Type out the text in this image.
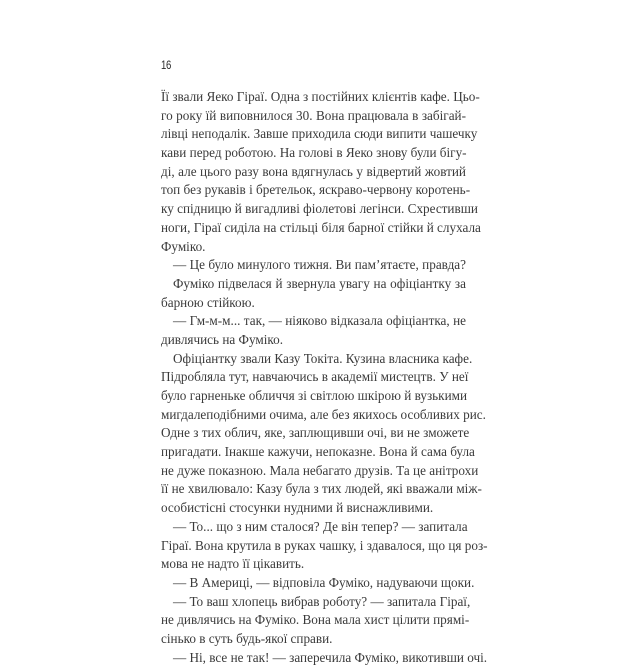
16
Її звали Яеко Гіраї. Одна з постійних клієнтів кафе. Цьо-
го року їй виповнилося 30. Вона працювала в забігай-
лівці неподалік. Завше приходила сюди випити чашечку
кави перед роботою. На голові в Яеко знову були бігу-
ді, але цього разу вона вдягнулась у відвертий жовтий
топ без рукавів і бретельок, яскраво-червону коротень-
ку спідницю й вигадливі фіолетові легінси. Схрестивши
ноги, Гіраї сиділа на стільці біля барної стійки й слухала
Фуміко.
— Це було минулого тижня. Ви пам’ятаєте, правда?
Фуміко підвелася й звернула увагу на офіціантку за
барною стійкою.
— Гм-м-м... так, — ніяково відказала офіціантка, не
дивлячись на Фуміко.
Офіціантку звали Казу Токіта. Кузина власника кафе.
Підробляла тут, навчаючись в академії мистецтв. У неї
було гарненьке обличчя зі світлою шкірою й вузькими
мигдалеподібними очима, але без якихось особливих рис.
Одне з тих облич, яке, заплющивши очі, ви не зможете
пригадати. Інакше кажучи, непоказне. Вона й сама була
не дуже показною. Мала небагато друзів. Та це анітрохи
її не хвилювало: Казу була з тих людей, які вважали між-
особистісні стосунки нудними й виснажливими.
— То... що з ним сталося? Де він тепер? — запитала
Гіраї. Вона крутила в руках чашку, і здавалося, що ця роз-
мова не надто її цікавить.
— В Америці, — відповіла Фуміко, надуваючи щоки.
— То ваш хлопець вибрав роботу? — запитала Гіраї,
не дивлячись на Фуміко. Вона мала хист цілити прямі-
сінько в суть будь-якої справи.
— Ні, все не так! — заперечила Фуміко, викотивши очі.
